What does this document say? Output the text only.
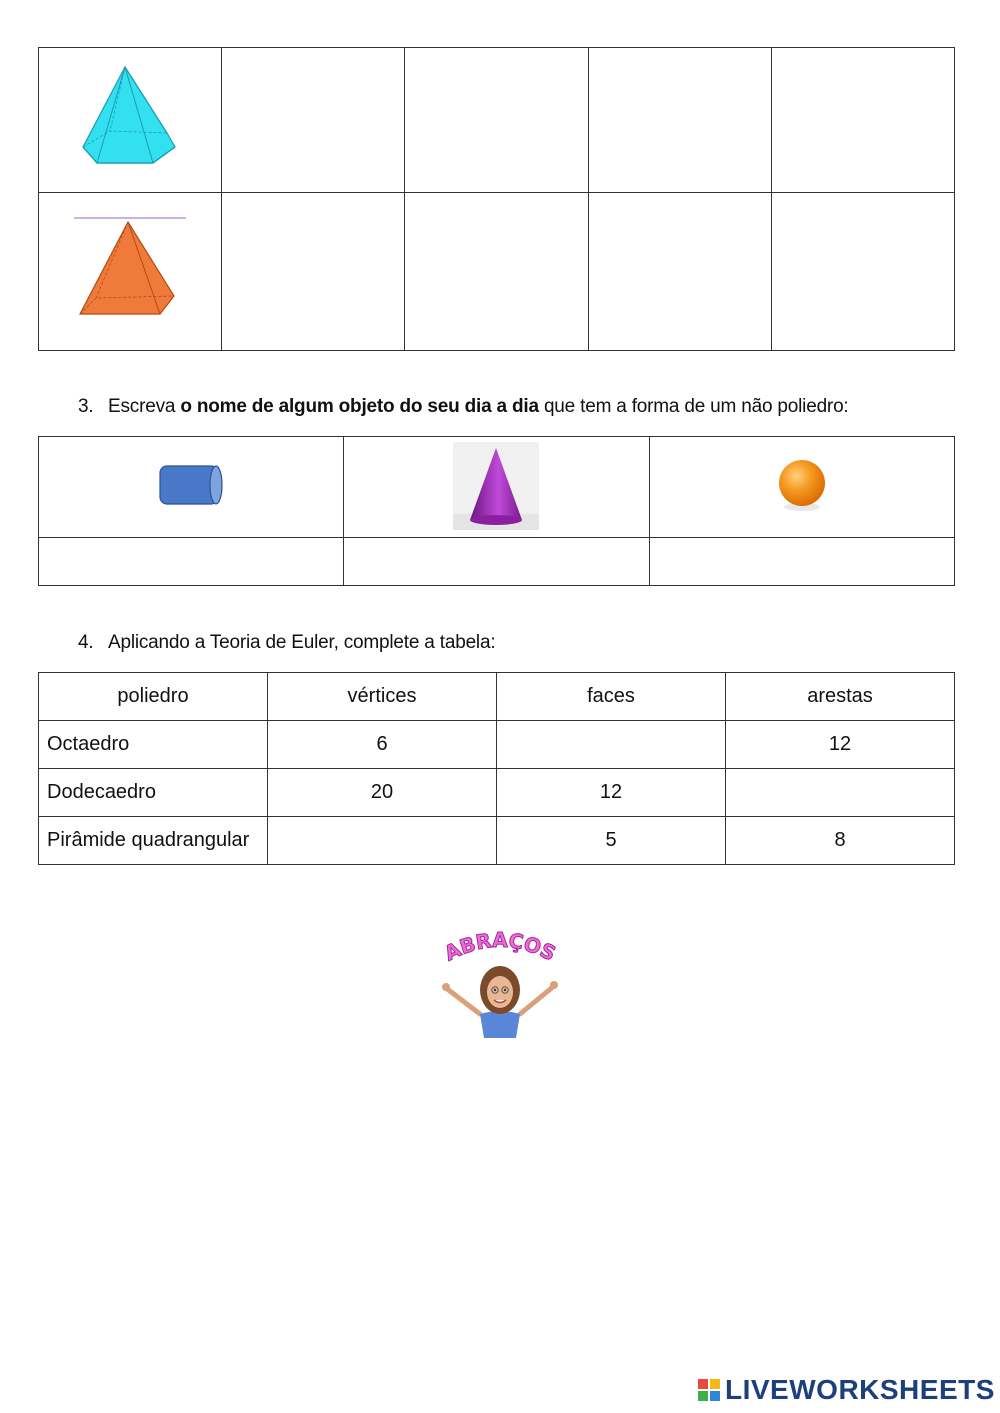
3. Escreva o nome de algum objeto do seu dia a dia que tem a forma de um não poliedro:

4. Aplicando a Teoria de Euler, complete a tabela:
poliedro	vértices	faces	arestas
Octaedro	6		12
Dodecaedro	20	12	
Pirâmide quadrangular		5	8
ABRAÇOS
LIVEWORKSHEETS
